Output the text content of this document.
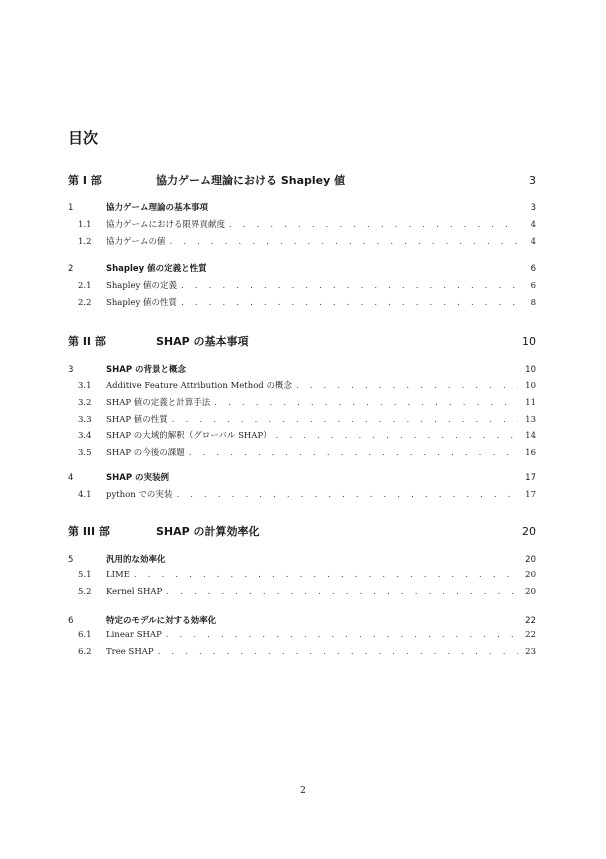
目次
第 I 部	協力ゲーム理論における Shapley 値	3
1	協力ゲーム理論の基本事項	3
1.1	協力ゲームにおける限界貢献度 . . .	4
1.2	協力ゲームの値 . . .	4
2	Shapley 値の定義と性質	6
2.1	Shapley 値の定義 . . .	6
2.2	Shapley 値の性質 . . .	8
第 II 部	SHAP の基本事項	10
3	SHAP の背景と概念	10
3.1	Additive Feature Attribution Method の概念 . . .	10
3.2	SHAP 値の定義と計算手法 . . .	11
3.3	SHAP 値の性質 . . .	13
3.4	SHAP の大域的解釈（グローバル SHAP） . . .	14
3.5	SHAP の今後の課題 . . .	16
4	SHAP の実装例	17
4.1	python での実装 . . .	17
第 III 部	SHAP の計算効率化	20
5	汎用的な効率化	20
5.1	LIME . . .	20
5.2	Kernel SHAP . . .	20
6	特定のモデルに対する効率化	22
6.1	Linear SHAP . . .	22
6.2	Tree SHAP . . .	23
2
